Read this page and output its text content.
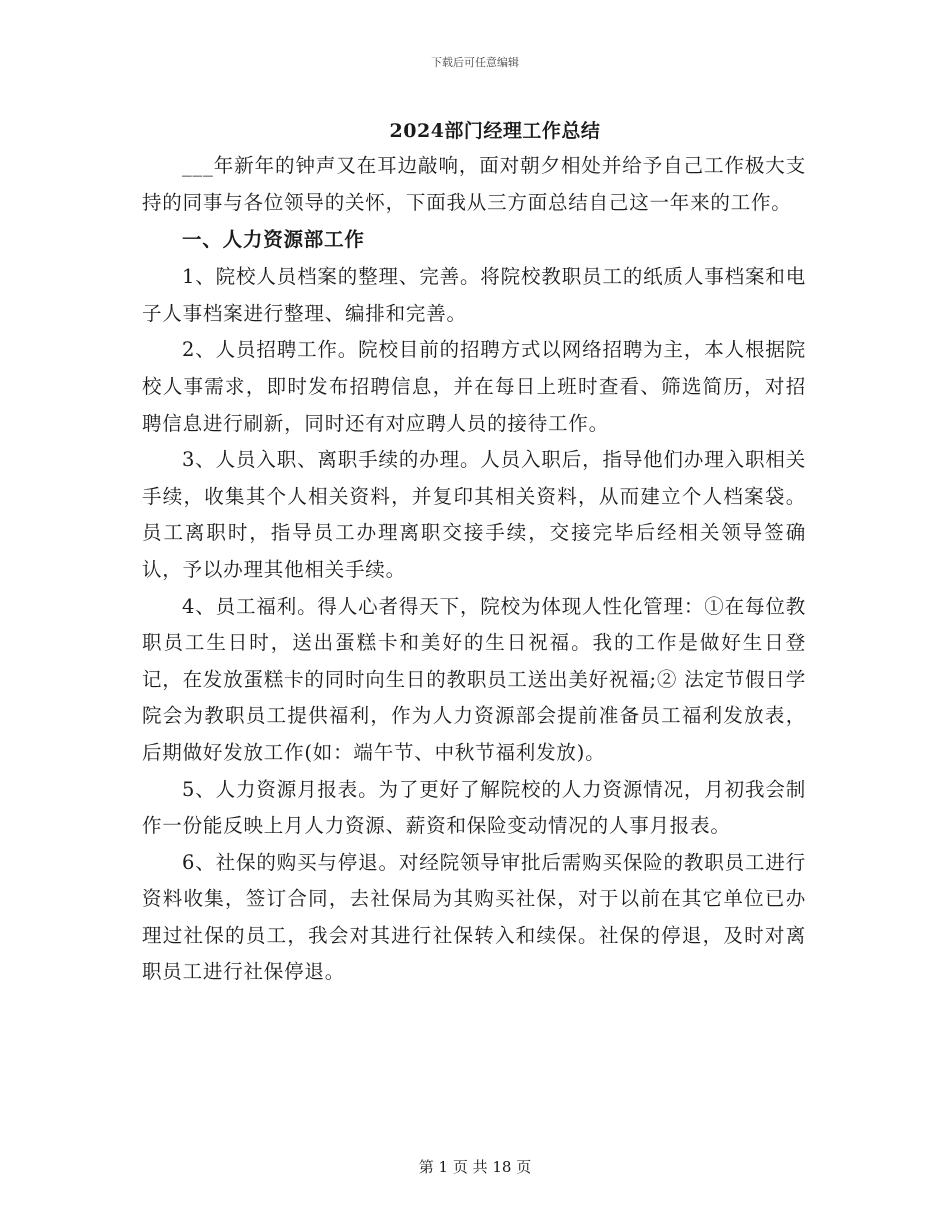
下载后可任意编辑
2024部门经理工作总结

___年新年的钟声又在耳边敲响，面对朝夕相处并给予自己工作极大支持的同事与各位领导的关怀，下面我从三方面总结自己这一年来的工作。

一、人力资源部工作

1、院校人员档案的整理、完善。将院校教职员工的纸质人事档案和电子人事档案进行整理、编排和完善。

2、人员招聘工作。院校目前的招聘方式以网络招聘为主，本人根据院校人事需求，即时发布招聘信息，并在每日上班时查看、筛选简历，对招聘信息进行刷新，同时还有对应聘人员的接待工作。

3、人员入职、离职手续的办理。人员入职后，指导他们办理入职相关手续，收集其个人相关资料，并复印其相关资料，从而建立个人档案袋。员工离职时，指导员工办理离职交接手续，交接完毕后经相关领导签确认，予以办理其他相关手续。

4、员工福利。得人心者得天下，院校为体现人性化管理：①在每位教职员工生日时，送出蛋糕卡和美好的生日祝福。我的工作是做好生日登记，在发放蛋糕卡的同时向生日的教职员工送出美好祝福;② 法定节假日学院会为教职员工提供福利，作为人力资源部会提前准备员工福利发放表，后期做好发放工作(如：端午节、中秋节福利发放)。

5、人力资源月报表。为了更好了解院校的人力资源情况，月初我会制作一份能反映上月人力资源、薪资和保险变动情况的人事月报表。

6、社保的购买与停退。对经院领导审批后需购买保险的教职员工进行资料收集，签订合同，去社保局为其购买社保，对于以前在其它单位已办理过社保的员工，我会对其进行社保转入和续保。社保的停退，及时对离职员工进行社保停退。

第 1 页 共 18 页
